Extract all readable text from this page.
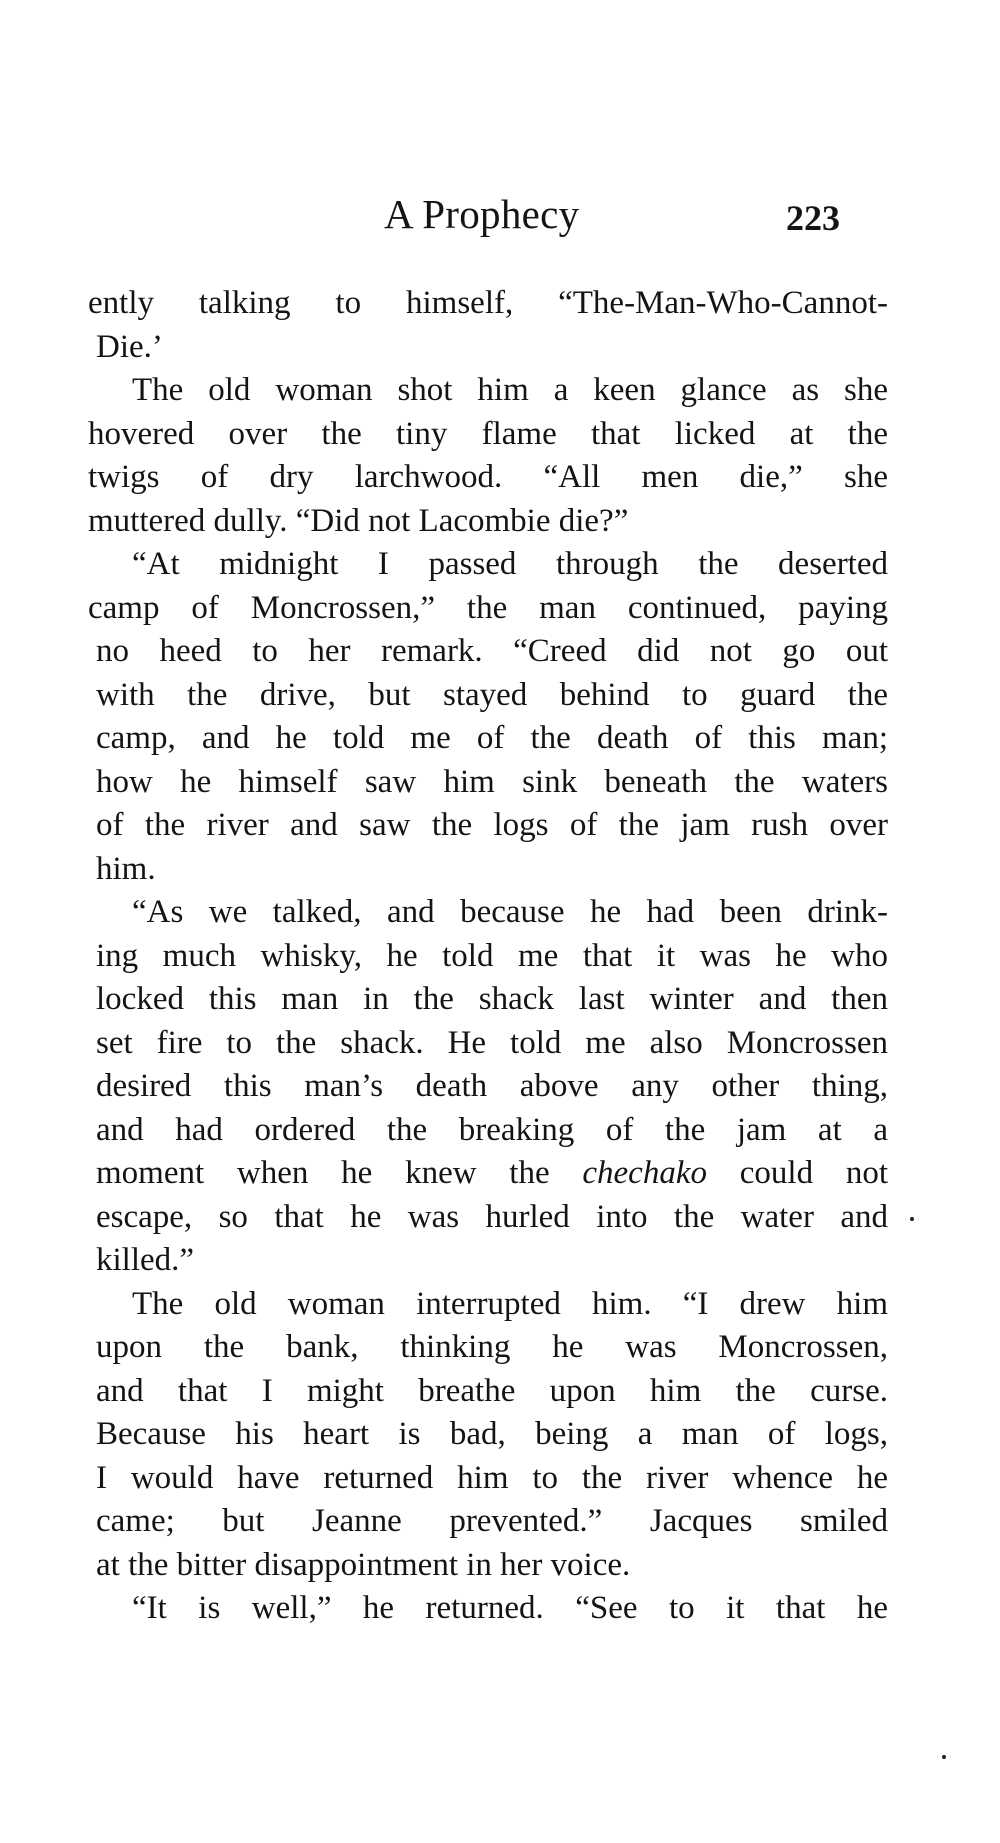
A Prophecy	223
ently talking to himself, “The-Man-Who-Cannot-
Die.’
The old woman shot him a keen glance as she
hovered over the tiny flame that licked at the
twigs of dry larchwood. “All men die,” she
muttered dully. “Did not Lacombie die?”
“At midnight I passed through the deserted
camp of Moncrossen,” the man continued, paying
no heed to her remark. “Creed did not go out
with the drive, but stayed behind to guard the
camp, and he told me of the death of this man;
how he himself saw him sink beneath the waters
of the river and saw the logs of the jam rush over
him.
“As we talked, and because he had been drink-
ing much whisky, he told me that it was he who
locked this man in the shack last winter and then
set fire to the shack. He told me also Moncrossen
desired this man’s death above any other thing,
and had ordered the breaking of the jam at a
moment when he knew the chechako could not
escape, so that he was hurled into the water and
killed.”
The old woman interrupted him. “I drew him
upon the bank, thinking he was Moncrossen,
and that I might breathe upon him the curse.
Because his heart is bad, being a man of logs,
I would have returned him to the river whence he
came; but Jeanne prevented.” Jacques smiled
at the bitter disappointment in her voice.
“It is well,” he returned. “See to it that he
